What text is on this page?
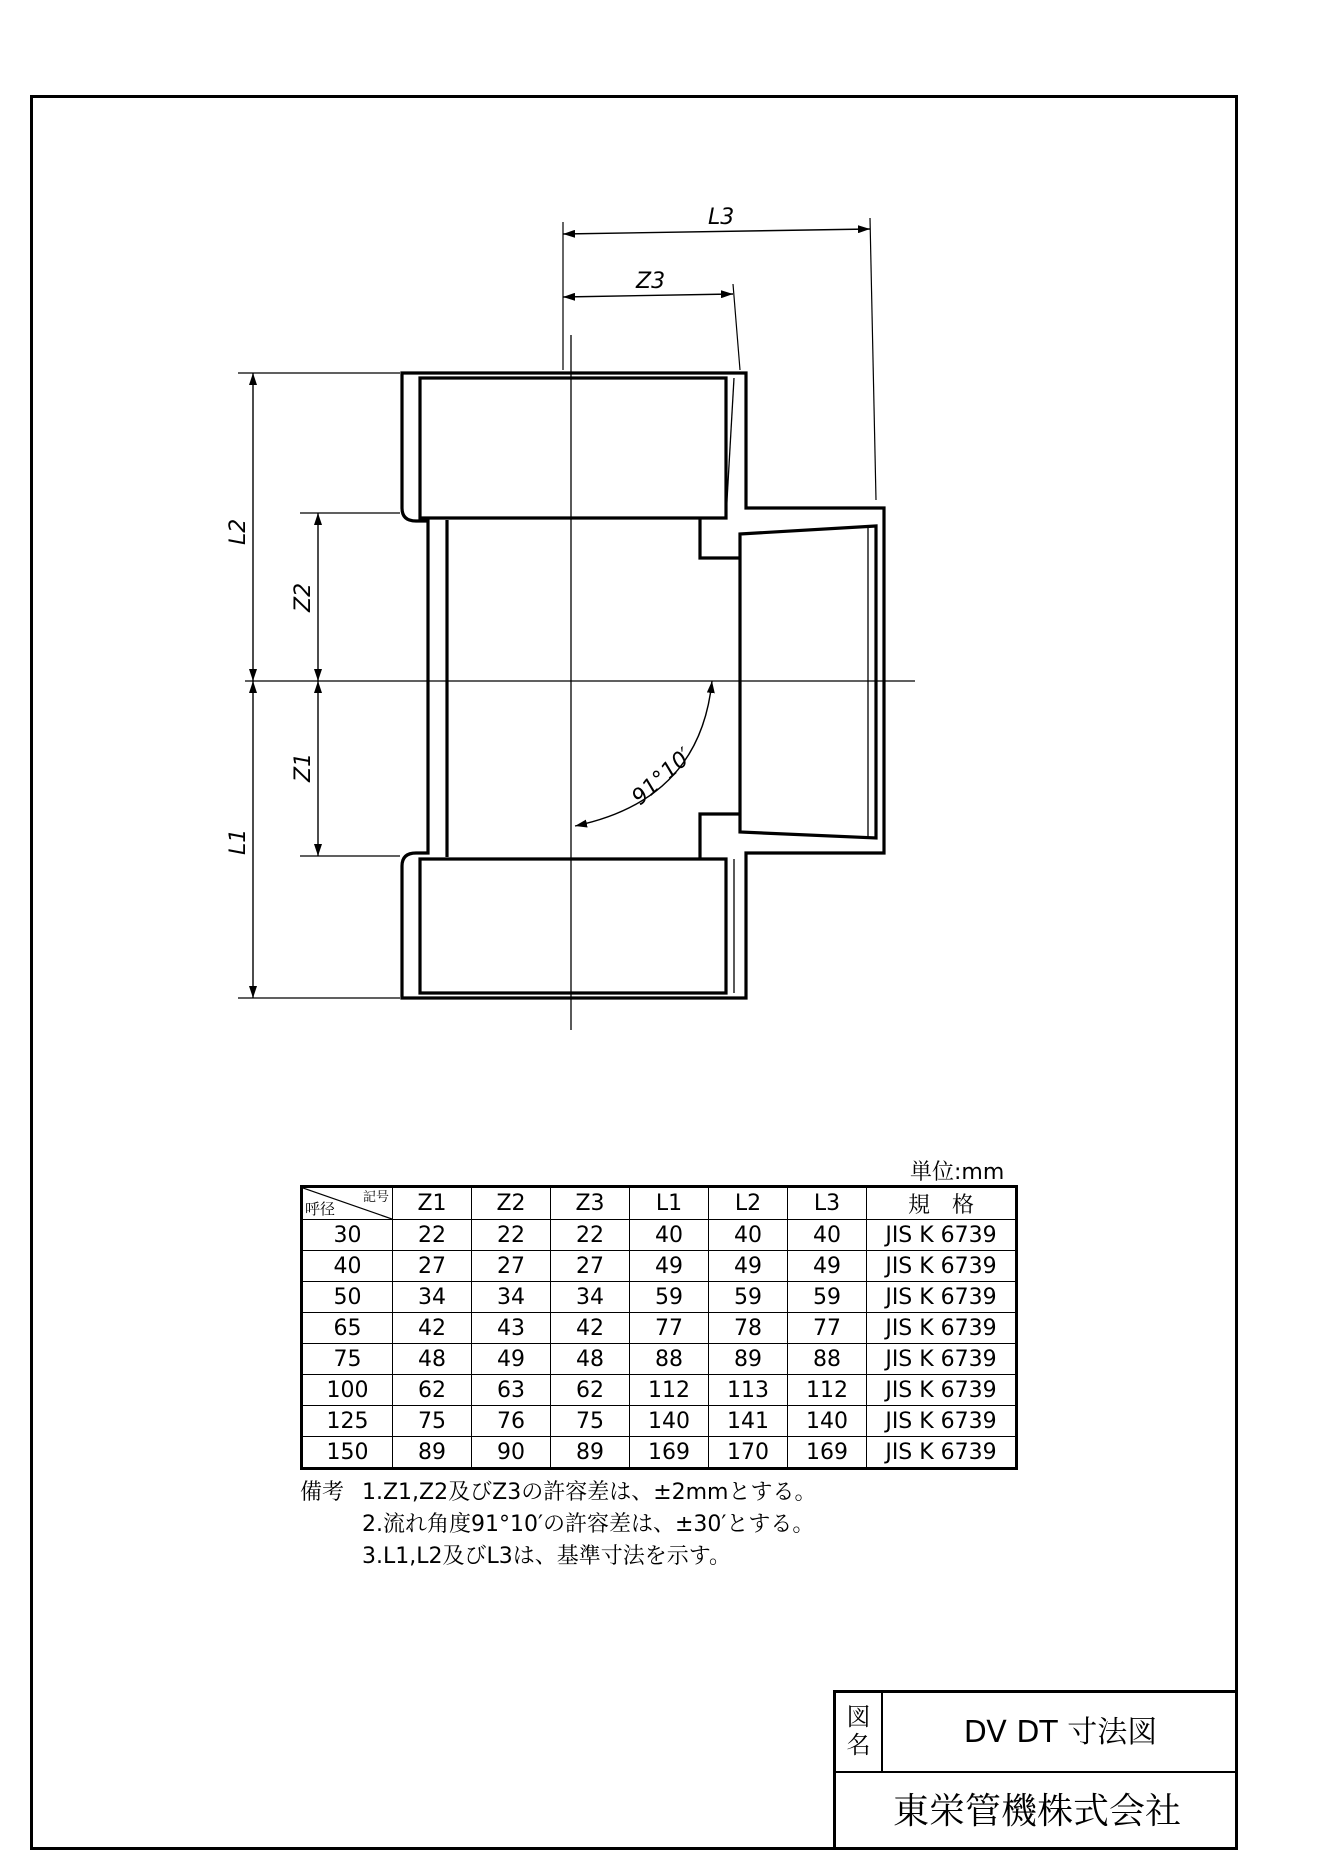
L3
Z3
L2
Z2
Z1
L1
91°10′
単位:mm
記号
呼径	Z1	Z2	Z3	L1	L2	L3	規　格
30	22	22	22	40	40	40	JIS K 6739
40	27	27	27	49	49	49	JIS K 6739
50	34	34	34	59	59	59	JIS K 6739
65	42	43	42	77	78	77	JIS K 6739
75	48	49	48	88	89	88	JIS K 6739
100	62	63	62	112	113	112	JIS K 6739
125	75	76	75	140	141	140	JIS K 6739
150	89	90	89	169	170	169	JIS K 6739
備考 1.Z1,Z2及びZ3の許容差は、±2mmとする。
2.流れ角度91°10′の許容差は、±30′とする。
3.L1,L2及びL3は、基準寸法を示す。
図
名	DV DT 寸法図
東栄管機株式会社
